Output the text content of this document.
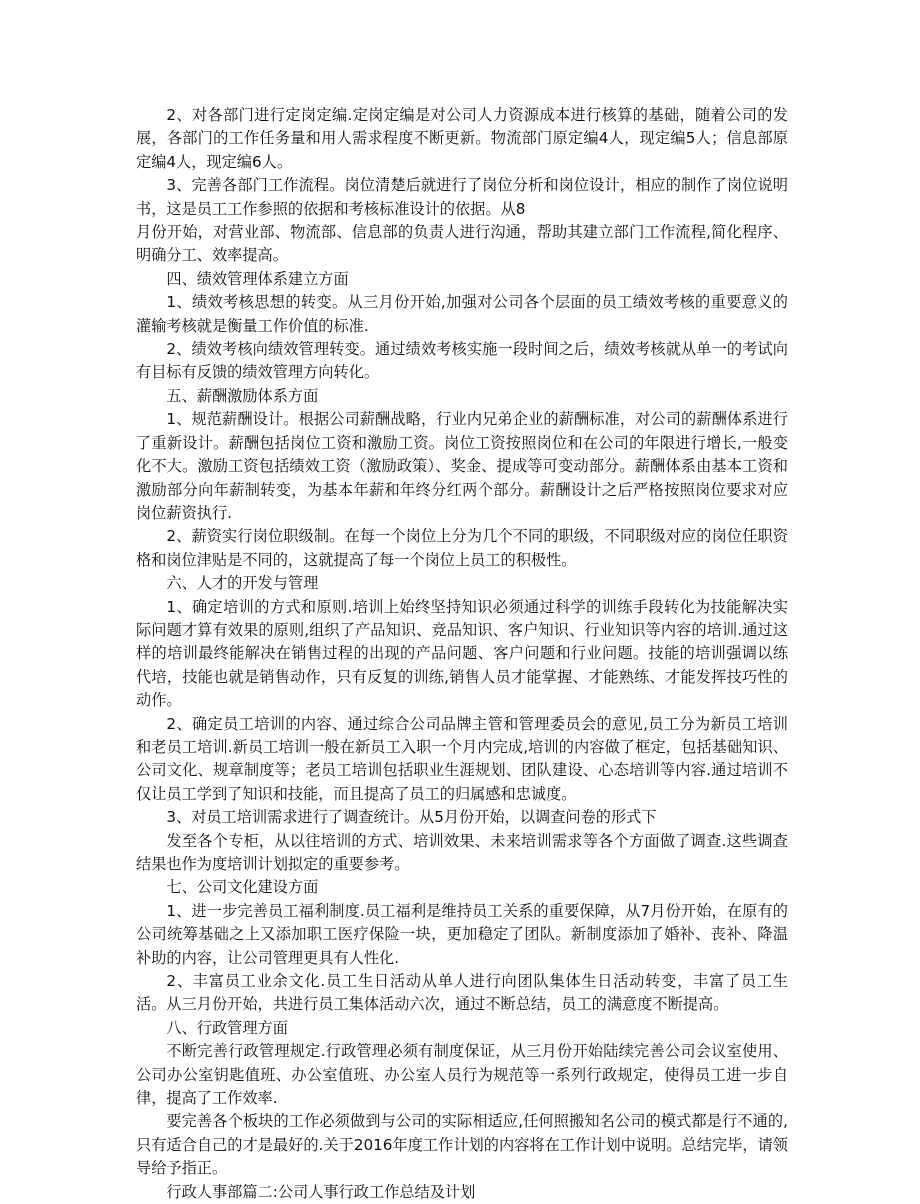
2、对各部门进行定岗定编.定岗定编是对公司人力资源成本进行核算的基础，随着公司的发展，各部门的工作任务量和用人需求程度不断更新。物流部门原定编4人，现定编5人；信息部原定编4人，现定编6人。

3、完善各部门工作流程。岗位清楚后就进行了岗位分析和岗位设计，相应的制作了岗位说明书，这是员工工作参照的依据和考核标准设计的依据。从8

月份开始，对营业部、物流部、信息部的负责人进行沟通，帮助其建立部门工作流程,简化程序、明确分工、效率提高。

四、绩效管理体系建立方面

1、绩效考核思想的转变。从三月份开始,加强对公司各个层面的员工绩效考核的重要意义的灌输考核就是衡量工作价值的标准.

2、绩效考核向绩效管理转变。通过绩效考核实施一段时间之后，绩效考核就从单一的考试向有目标有反馈的绩效管理方向转化。

五、薪酬激励体系方面

1、规范薪酬设计。根据公司薪酬战略，行业内兄弟企业的薪酬标准，对公司的薪酬体系进行了重新设计。薪酬包括岗位工资和激励工资。岗位工资按照岗位和在公司的年限进行增长,一般变化不大。激励工资包括绩效工资（激励政策）、奖金、提成等可变动部分。薪酬体系由基本工资和激励部分向年薪制转变，为基本年薪和年终分红两个部分。薪酬设计之后严格按照岗位要求对应岗位薪资执行.

2、薪资实行岗位职级制。在每一个岗位上分为几个不同的职级，不同职级对应的岗位任职资格和岗位津贴是不同的，这就提高了每一个岗位上员工的积极性。

六、人才的开发与管理

1、确定培训的方式和原则.培训上始终坚持知识必须通过科学的训练手段转化为技能解决实际问题才算有效果的原则,组织了产品知识、竞品知识、客户知识、行业知识等内容的培训.通过这样的培训最终能解决在销售过程的出现的产品问题、客户问题和行业问题。技能的培训强调以练代培，技能也就是销售动作，只有反复的训练,销售人员才能掌握、才能熟练、才能发挥技巧性的动作。

2、确定员工培训的内容、通过综合公司品牌主管和管理委员会的意见,员工分为新员工培训和老员工培训.新员工培训一般在新员工入职一个月内完成,培训的内容做了框定，包括基础知识、公司文化、规章制度等；老员工培训包括职业生涯规划、团队建设、心态培训等内容.通过培训不仅让员工学到了知识和技能，而且提高了员工的归属感和忠诚度。

3、对员工培训需求进行了调查统计。从5月份开始，以调查问卷的形式下

发至各个专柜，从以往培训的方式、培训效果、未来培训需求等各个方面做了调查.这些调查结果也作为度培训计划拟定的重要参考。

七、公司文化建设方面

1、进一步完善员工福利制度.员工福利是维持员工关系的重要保障，从7月份开始，在原有的公司统筹基础之上又添加职工医疗保险一块，更加稳定了团队。新制度添加了婚补、丧补、降温补助的内容，让公司管理更具有人性化.

2、丰富员工业余文化.员工生日活动从单人进行向团队集体生日活动转变，丰富了员工生活。从三月份开始，共进行员工集体活动六次，通过不断总结，员工的满意度不断提高。

八、行政管理方面

不断完善行政管理规定.行政管理必须有制度保证，从三月份开始陆续完善公司会议室使用、公司办公室钥匙值班、办公室值班、办公室人员行为规范等一系列行政规定，使得员工进一步自律，提高了工作效率.

要完善各个板块的工作必须做到与公司的实际相适应,任何照搬知名公司的模式都是行不通的,只有适合自己的才是最好的.关于2016年度工作计划的内容将在工作计划中说明。总结完毕，请领导给予指正。

行政人事部篇二:公司人事行政工作总结及计划
